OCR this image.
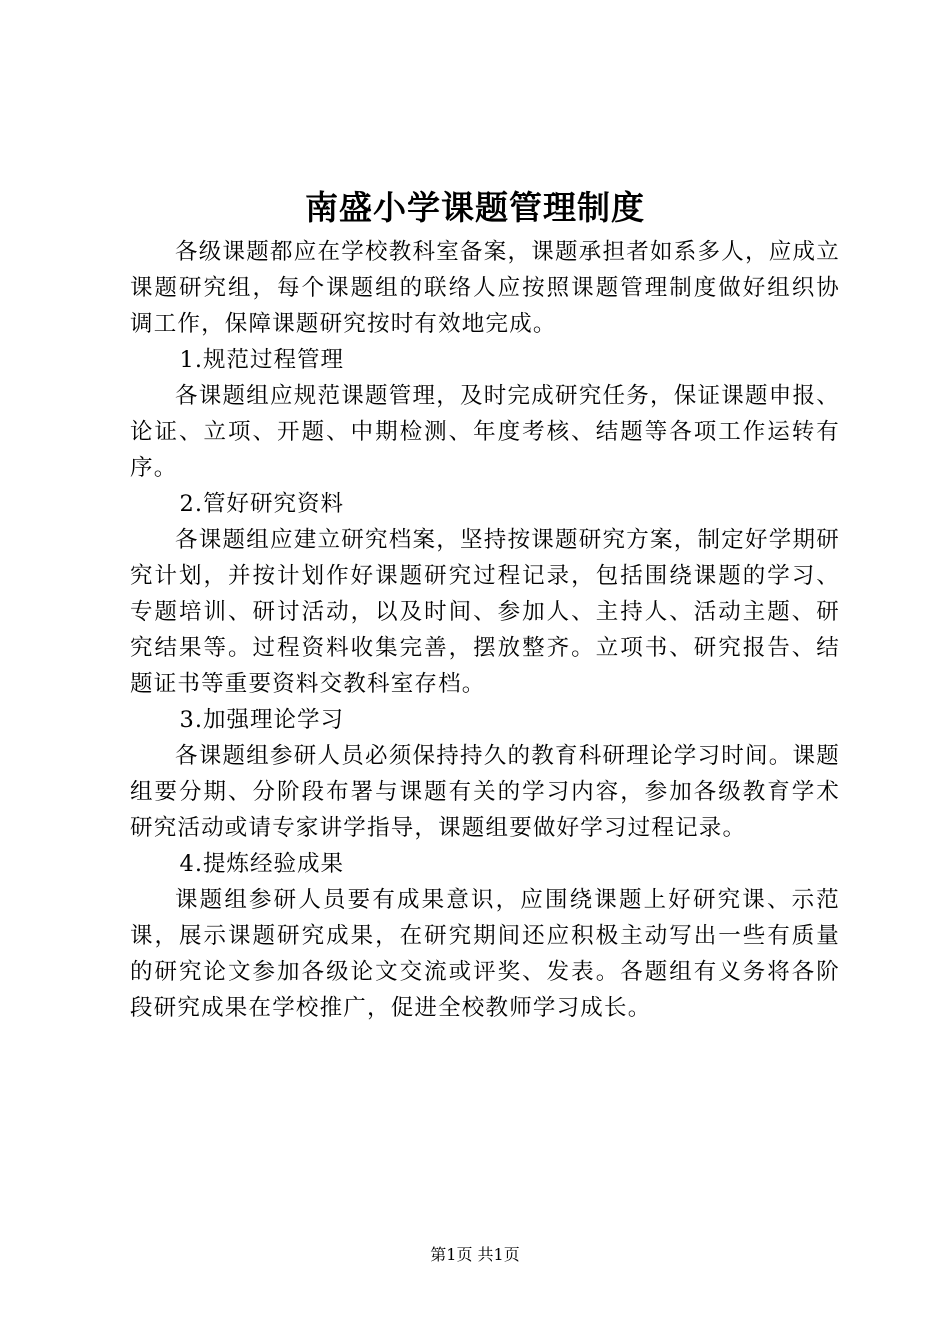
南盛小学课题管理制度

各级课题都应在学校教科室备案，课题承担者如系多人，应成立课题研究组，每个课题组的联络人应按照课题管理制度做好组织协调工作，保障课题研究按时有效地完成。

1.规范过程管理

各课题组应规范课题管理，及时完成研究任务，保证课题申报、论证、立项、开题、中期检测、年度考核、结题等各项工作运转有序。

2.管好研究资料

各课题组应建立研究档案，坚持按课题研究方案，制定好学期研究计划，并按计划作好课题研究过程记录，包括围绕课题的学习、专题培训、研讨活动，以及时间、参加人、主持人、活动主题、研究结果等。过程资料收集完善，摆放整齐。立项书、研究报告、结题证书等重要资料交教科室存档。

3.加强理论学习

各课题组参研人员必须保持持久的教育科研理论学习时间。课题组要分期、分阶段布署与课题有关的学习内容，参加各级教育学术研究活动或请专家讲学指导，课题组要做好学习过程记录。

4.提炼经验成果

课题组参研人员要有成果意识，应围绕课题上好研究课、示范课，展示课题研究成果，在研究期间还应积极主动写出一些有质量的研究论文参加各级论文交流或评奖、发表。各题组有义务将各阶段研究成果在学校推广，促进全校教师学习成长。

第1页 共1页
